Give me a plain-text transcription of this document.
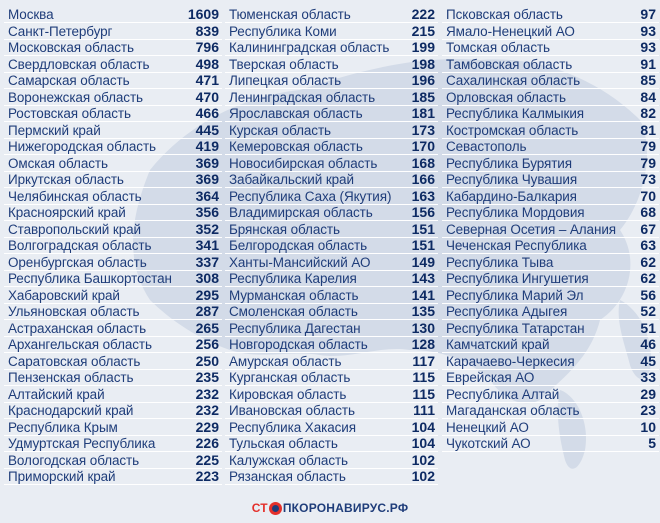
Москва	1609
Санкт-Петербург	839
Московская область	796
Свердловская область	498
Самарская область	471
Воронежская область	470
Ростовская область	466
Пермский край	445
Нижегородская область	419
Омская область	369
Иркутская область	369
Челябинская область	364
Красноярский край	356
Ставропольский край	352
Волгоградская область	341
Оренбургская область	337
Республика Башкортостан 308
Хабаровский край	295
Ульяновская область	287
Астраханская область	265
Архангельская область	256
Саратовская область	250
Пензенская область	235
Алтайский край	232
Краснодарский край	232
Республика Крым	229
Удмуртская Республика	226
Вологодская область	225
Приморский край	223
Тюменская область	222
Республика Коми	215
Калининградская область 199
Тверская область	198
Липецкая область	196
Ленинградская область	185
Ярославская область	181
Курская область	173
Кемеровская область	170
Новосибирская область 168
Забайкальский край	166
Республика Саха (Якутия) 163
Владимирская область	156
Брянская область	151
Белгородская область	151
Ханты-Мансийский АО	149
Республика Карелия	143
Мурманская область	141
Смоленская область	135
Республика Дагестан	130
Новгородская область	128
Амурская область	117
Курганская область	115
Кировская область	115
Ивановская область	111
Республика Хакасия	104
Тульская область	104
Калужская область	102
Рязанская область	102
Псковская область	97
Ямало-Ненецкий АО	93
Томская область	93
Тамбовская область	91
Сахалинская область	85
Орловская область	84
Республика Калмыкия	82
Костромская область	81
Севастополь	79
Республика Бурятия	79
Республика Чувашия	73
Кабардино-Балкария	70
Республика Мордовия	68
Северная Осетия – Алания 67
Чеченская Республика	63
Республика Тыва	62
Республика Ингушетия	62
Республика Марий Эл	56
Республика Адыгея	52
Республика Татарстан	51
Камчатский край	46
Карачаево-Черкесия	45
Еврейская АО	33
Республика Алтай	29
Магаданская область	23
Ненецкий АО	10
Чукотский АО	5
СТ ПКОРОНАВИРУС.РФ
